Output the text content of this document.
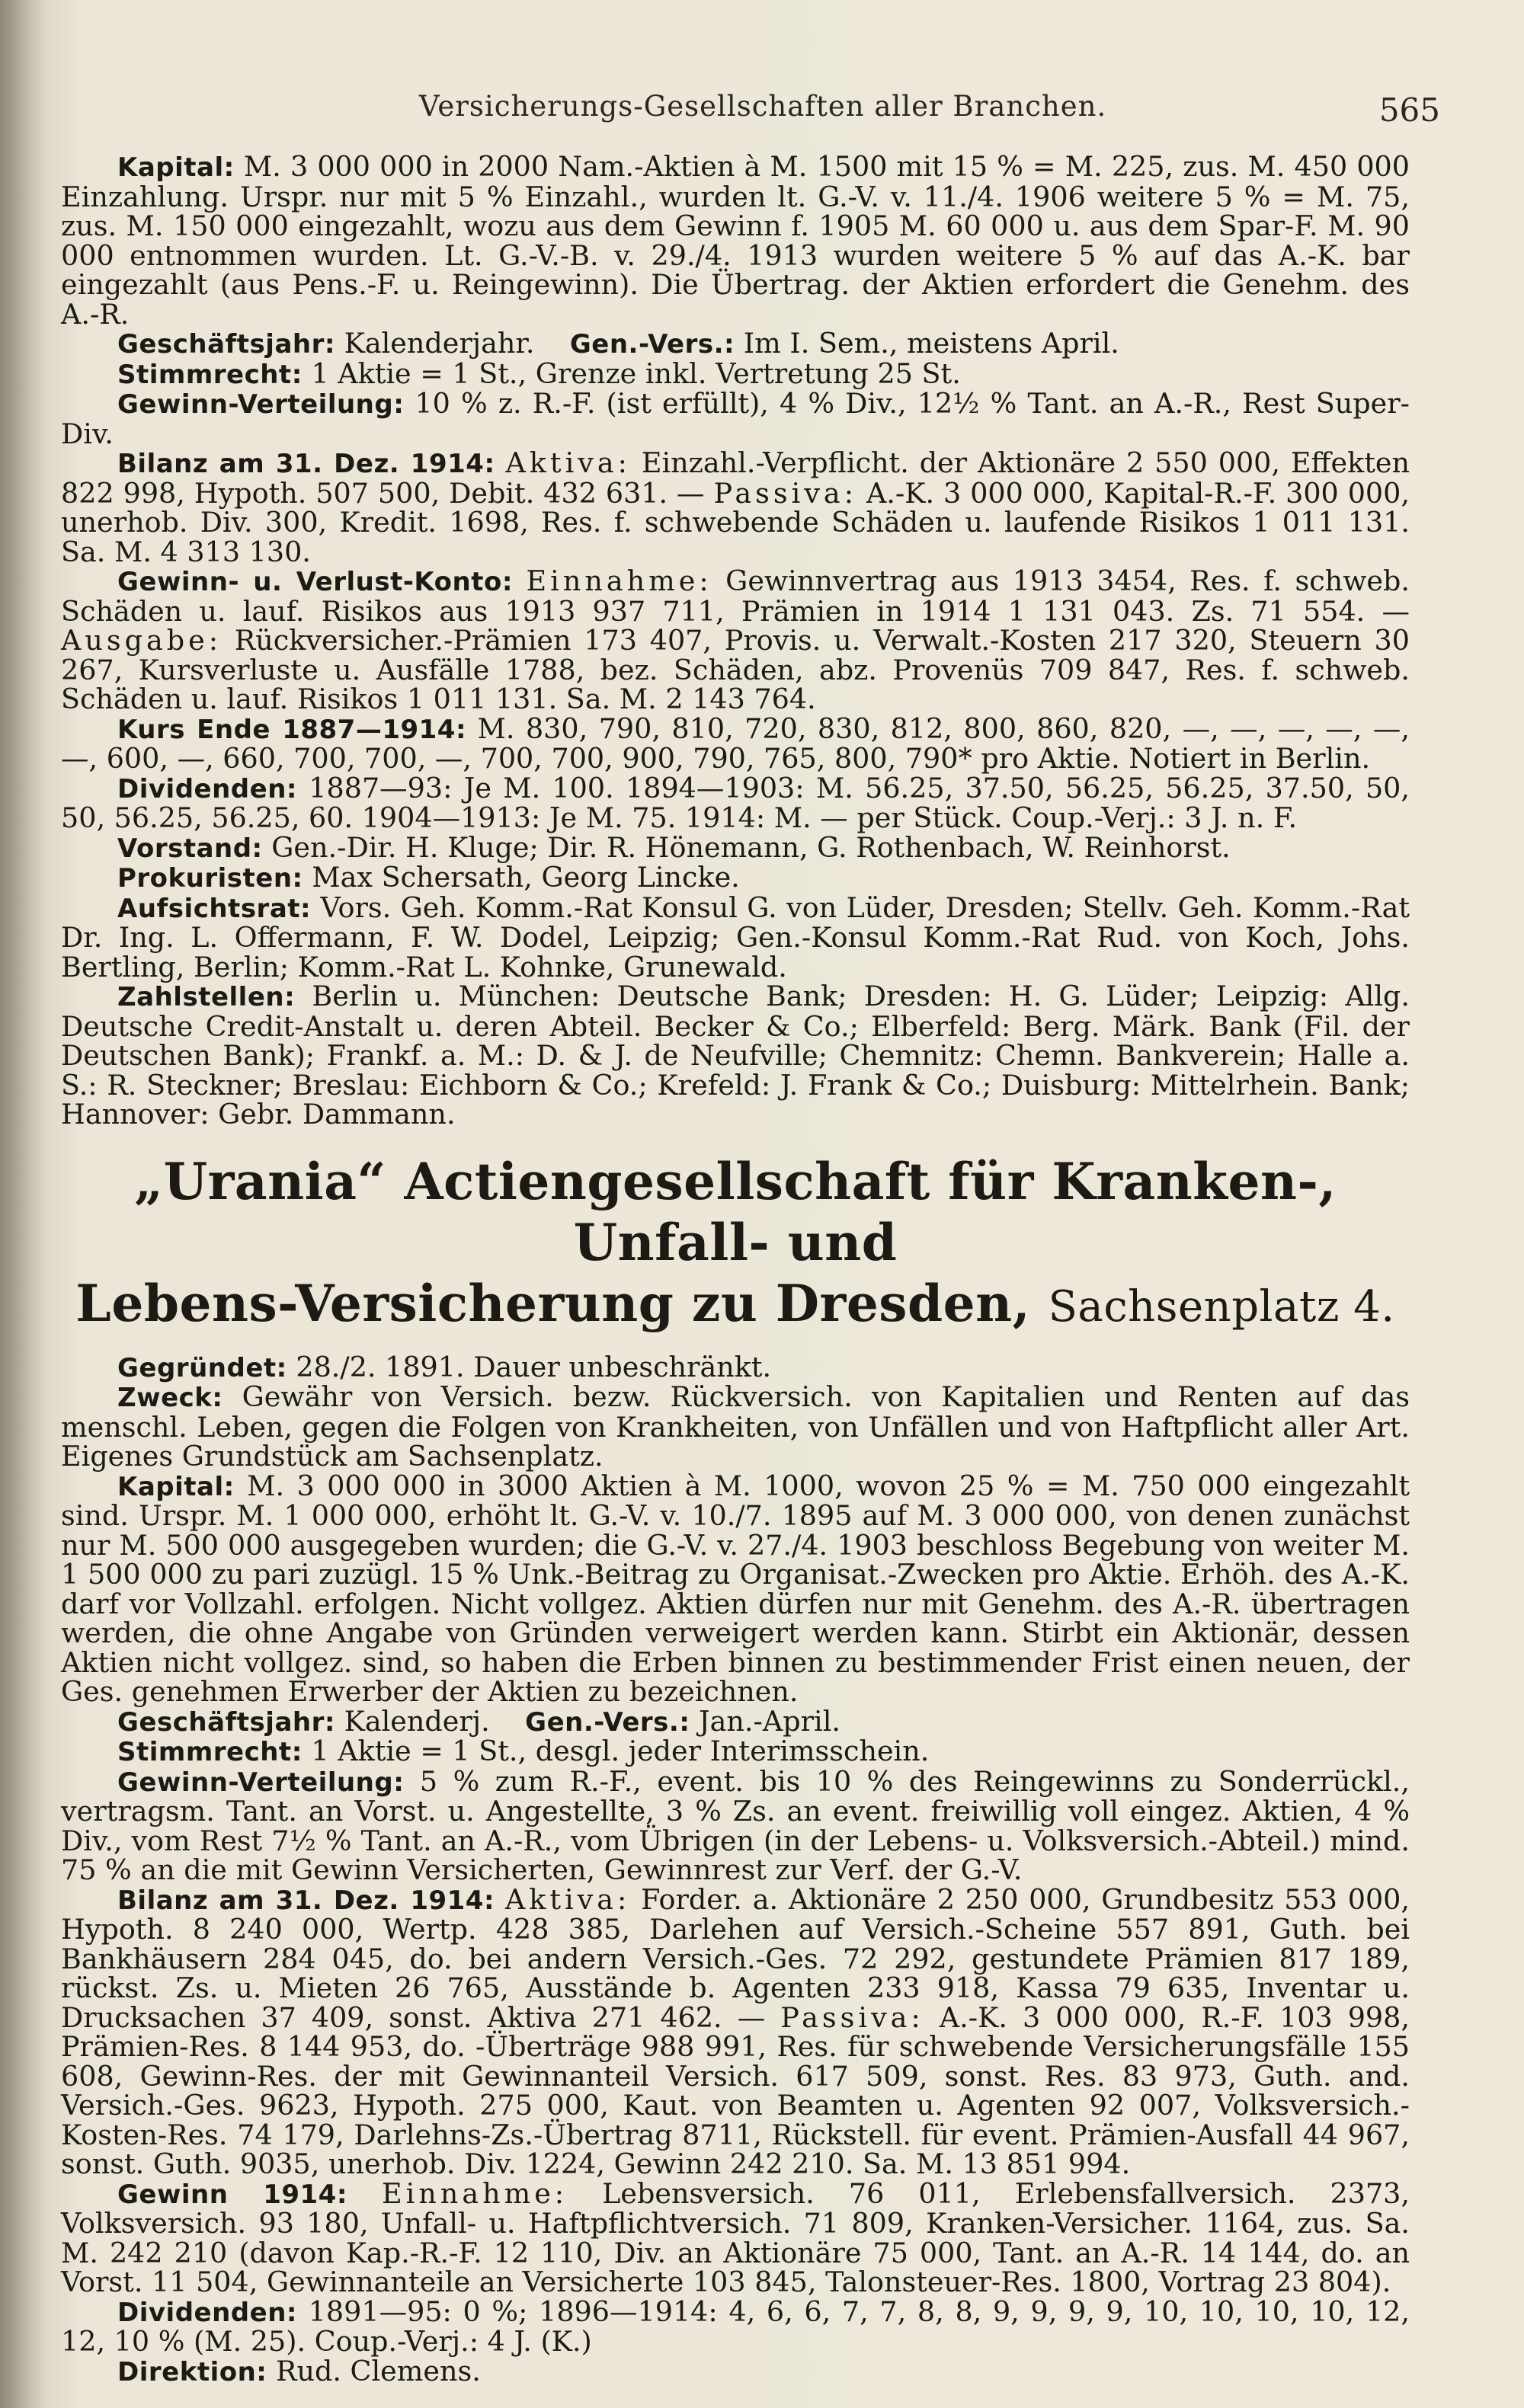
Versicherungs-Gesellschaften aller Branchen.	565

Kapital: M. 3 000 000 in 2000 Nam.-Aktien à M. 1500 mit 15 % = M. 225, zus. M. 450 000 Einzahlung. Urspr. nur mit 5 % Einzahl., wurden lt. G.-V. v. 11./4. 1906 weitere 5 % = M. 75, zus. M. 150 000 eingezahlt, wozu aus dem Gewinn f. 1905 M. 60 000 u. aus dem Spar-F. M. 90 000 entnommen wurden. Lt. G.-V.-B. v. 29./4. 1913 wurden weitere 5 % auf das A.-K. bar eingezahlt (aus Pens.-F. u. Reingewinn). Die Übertrag. der Aktien erfordert die Genehm. des A.-R.

Geschäftsjahr: Kalenderjahr. Gen.-Vers.: Im I. Sem., meistens April.

Stimmrecht: 1 Aktie = 1 St., Grenze inkl. Vertretung 25 St.

Gewinn-Verteilung: 10 % z. R.-F. (ist erfüllt), 4 % Div., 12½ % Tant. an A.-R., Rest Super-Div.

Bilanz am 31. Dez. 1914: Aktiva: Einzahl.-Verpflicht. der Aktionäre 2 550 000, Effekten 822 998, Hypoth. 507 500, Debit. 432 631. — Passiva: A.-K. 3 000 000, Kapital-R.-F. 300 000, unerhob. Div. 300, Kredit. 1698, Res. f. schwebende Schäden u. laufende Risikos 1 011 131. Sa. M. 4 313 130.

Gewinn- u. Verlust-Konto: Einnahme: Gewinnvertrag aus 1913 3454, Res. f. schweb. Schäden u. lauf. Risikos aus 1913 937 711, Prämien in 1914 1 131 043. Zs. 71 554. — Ausgabe: Rückversicher.-Prämien 173 407, Provis. u. Verwalt.-Kosten 217 320, Steuern 30 267, Kursverluste u. Ausfälle 1788, bez. Schäden, abz. Provenüs 709 847, Res. f. schweb. Schäden u. lauf. Risikos 1 011 131. Sa. M. 2 143 764.

Kurs Ende 1887—1914: M. 830, 790, 810, 720, 830, 812, 800, 860, 820, —, —, —, —, —, —, 600, —, 660, 700, 700, —, 700, 700, 900, 790, 765, 800, 790* pro Aktie. Notiert in Berlin.

Dividenden: 1887—93: Je M. 100. 1894—1903: M. 56.25, 37.50, 56.25, 56.25, 37.50, 50, 50, 56.25, 56.25, 60. 1904—1913: Je M. 75. 1914: M. — per Stück. Coup.-Verj.: 3 J. n. F.

Vorstand: Gen.-Dir. H. Kluge; Dir. R. Hönemann, G. Rothenbach, W. Reinhorst.

Prokuristen: Max Schersath, Georg Lincke.

Aufsichtsrat: Vors. Geh. Komm.-Rat Konsul G. von Lüder, Dresden; Stellv. Geh. Komm.-Rat Dr. Ing. L. Offermann, F. W. Dodel, Leipzig; Gen.-Konsul Komm.-Rat Rud. von Koch, Johs. Bertling, Berlin; Komm.-Rat L. Kohnke, Grunewald.

Zahlstellen: Berlin u. München: Deutsche Bank; Dresden: H. G. Lüder; Leipzig: Allg. Deutsche Credit-Anstalt u. deren Abteil. Becker & Co.; Elberfeld: Berg. Märk. Bank (Fil. der Deutschen Bank); Frankf. a. M.: D. & J. de Neufville; Chemnitz: Chemn. Bankverein; Halle a. S.: R. Steckner; Breslau: Eichborn & Co.; Krefeld: J. Frank & Co.; Duisburg: Mittelrhein. Bank; Hannover: Gebr. Dammann.

„Urania“ Actiengesellschaft für Kranken-, Unfall- und
Lebens-Versicherung zu Dresden, Sachsenplatz 4.

Gegründet: 28./2. 1891. Dauer unbeschränkt.

Zweck: Gewähr von Versich. bezw. Rückversich. von Kapitalien und Renten auf das menschl. Leben, gegen die Folgen von Krankheiten, von Unfällen und von Haftpflicht aller Art. Eigenes Grundstück am Sachsenplatz.

Kapital: M. 3 000 000 in 3000 Aktien à M. 1000, wovon 25 % = M. 750 000 eingezahlt sind. Urspr. M. 1 000 000, erhöht lt. G.-V. v. 10./7. 1895 auf M. 3 000 000, von denen zunächst nur M. 500 000 ausgegeben wurden; die G.-V. v. 27./4. 1903 beschloss Begebung von weiter M. 1 500 000 zu pari zuzügl. 15 % Unk.-Beitrag zu Organisat.-Zwecken pro Aktie. Erhöh. des A.-K. darf vor Vollzahl. erfolgen. Nicht vollgez. Aktien dürfen nur mit Genehm. des A.-R. übertragen werden, die ohne Angabe von Gründen verweigert werden kann. Stirbt ein Aktionär, dessen Aktien nicht vollgez. sind, so haben die Erben binnen zu bestimmender Frist einen neuen, der Ges. genehmen Erwerber der Aktien zu bezeichnen.

Geschäftsjahr: Kalenderj. Gen.-Vers.: Jan.-April.

Stimmrecht: 1 Aktie = 1 St., desgl. jeder Interimsschein.

Gewinn-Verteilung: 5 % zum R.-F., event. bis 10 % des Reingewinns zu Sonderrückl., vertragsm. Tant. an Vorst. u. Angestellte, 3 % Zs. an event. freiwillig voll eingez. Aktien, 4 % Div., vom Rest 7½ % Tant. an A.-R., vom Übrigen (in der Lebens- u. Volksversich.-Abteil.) mind. 75 % an die mit Gewinn Versicherten, Gewinnrest zur Verf. der G.-V.

Bilanz am 31. Dez. 1914: Aktiva: Forder. a. Aktionäre 2 250 000, Grundbesitz 553 000, Hypoth. 8 240 000, Wertp. 428 385, Darlehen auf Versich.-Scheine 557 891, Guth. bei Bankhäusern 284 045, do. bei andern Versich.-Ges. 72 292, gestundete Prämien 817 189, rückst. Zs. u. Mieten 26 765, Ausstände b. Agenten 233 918, Kassa 79 635, Inventar u. Drucksachen 37 409, sonst. Aktiva 271 462. — Passiva: A.-K. 3 000 000, R.-F. 103 998, Prämien-Res. 8 144 953, do. -Überträge 988 991, Res. für schwebende Versicherungsfälle 155 608, Gewinn-Res. der mit Gewinnanteil Versich. 617 509, sonst. Res. 83 973, Guth. and. Versich.-Ges. 9623, Hypoth. 275 000, Kaut. von Beamten u. Agenten 92 007, Volksversich.-Kosten-Res. 74 179, Darlehns-Zs.-Übertrag 8711, Rückstell. für event. Prämien-Ausfall 44 967, sonst. Guth. 9035, unerhob. Div. 1224, Gewinn 242 210. Sa. M. 13 851 994.

Gewinn 1914: Einnahme: Lebensversich. 76 011, Erlebensfallversich. 2373, Volksversich. 93 180, Unfall- u. Haftpflichtversich. 71 809, Kranken-Versicher. 1164, zus. Sa. M. 242 210 (davon Kap.-R.-F. 12 110, Div. an Aktionäre 75 000, Tant. an A.-R. 14 144, do. an Vorst. 11 504, Gewinnanteile an Versicherte 103 845, Talonsteuer-Res. 1800, Vortrag 23 804).

Dividenden: 1891—95: 0 %; 1896—1914: 4, 6, 6, 7, 7, 8, 8, 9, 9, 9, 9, 10, 10, 10, 10, 12, 12, 10 % (M. 25). Coup.-Verj.: 4 J. (K.)

Direktion: Rud. Clemens.
